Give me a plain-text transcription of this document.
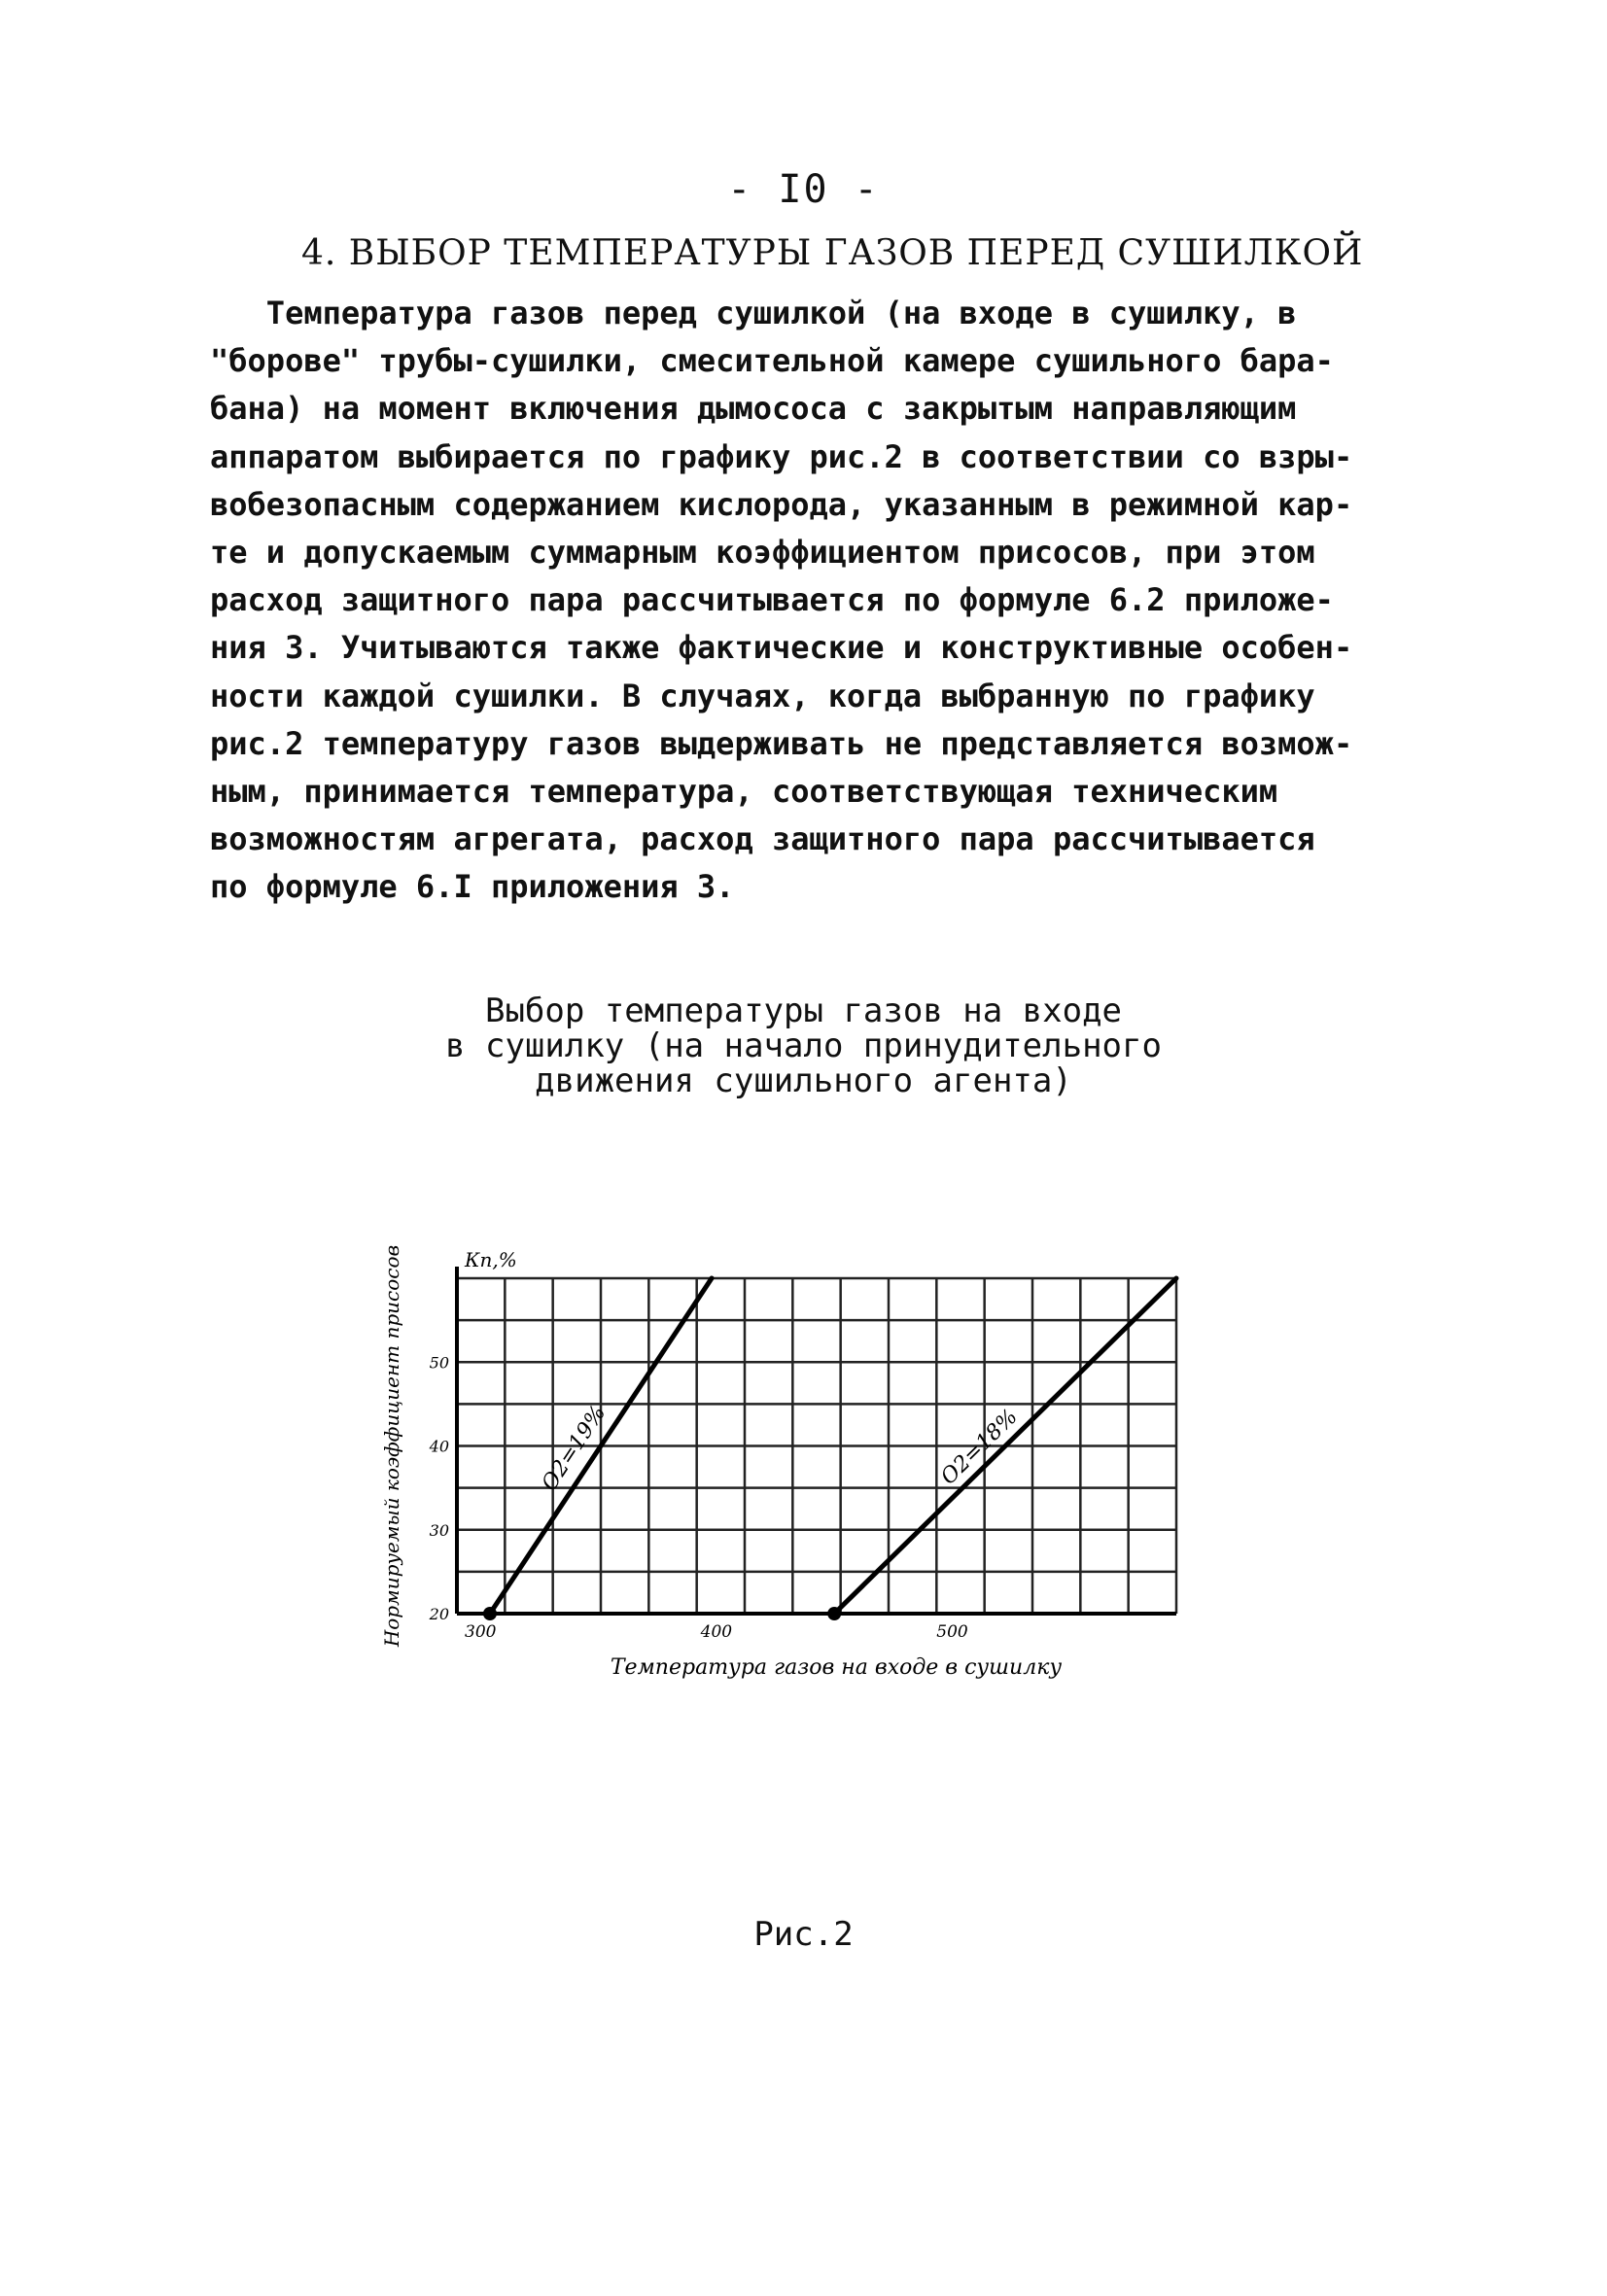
- I0 -
4. ВЫБОР ТЕМПЕРАТУРЫ ГАЗОВ ПЕРЕД СУШИЛКОЙ
Температура газов перед сушилкой (на входе в сушилку, в
"борове" трубы-сушилки, смесительной камере сушильного бара-
бана) на момент включения дымососа с закрытым направляющим
аппаратом выбирается по графику рис.2 в соответствии со взры-
вобезопасным содержанием кислорода, указанным в режимной кар-
те и допускаемым суммарным коэффициентом присосов, при этом
расход защитного пара рассчитывается по формуле 6.2 приложе-
ния 3. Учитываются также фактические и конструктивные особен-
ности каждой сушилки. В случаях, когда выбранную по графику
рис.2 температуру газов выдерживать не представляется возмож-
ным, принимается температура, соответствующая техническим
возможностям агрегата, расход защитного пара рассчитывается
по формуле 6.I приложения 3.
Выбор температуры газов на входе
в сушилку (на начало принудительного
движения сушильного агента)
Кп,%
20
30
40
50
300	400	500
Температура газов на входе в сушилку
Нормируемый коэффициент присосов	O2=19%	O2=18%
Рис.2
